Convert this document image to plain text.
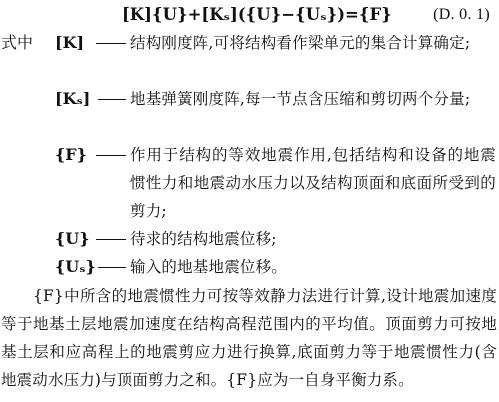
[K]{U}+[Kₛ]({U}−{Uₛ})={F}	(D. 0. 1)
式中 [K]	结构刚度阵,可将结构看作梁单元的集合计算确定;
[Kₛ]	地基弹簧刚度阵,每一节点含压缩和剪切两个分量;
{F}	作用于结构的等效地震作用,包括结构和设备的地震惯性力和地震动水压力以及结构顶面和底面所受到的剪力;
{U}	待求的结构地震位移;
{Uₛ} 输入的地基地震位移。
{F}中所含的地震惯性力可按等效静力法进行计算,设计地震加速度等于地基土层地震加速度在结构高程范围内的平均值。顶面剪力可按地基土层和应高程上的地震剪应力进行换算,底面剪力等于地震惯性力(含地震动水压力)与顶面剪力之和。{F}应为一自身平衡力系。
